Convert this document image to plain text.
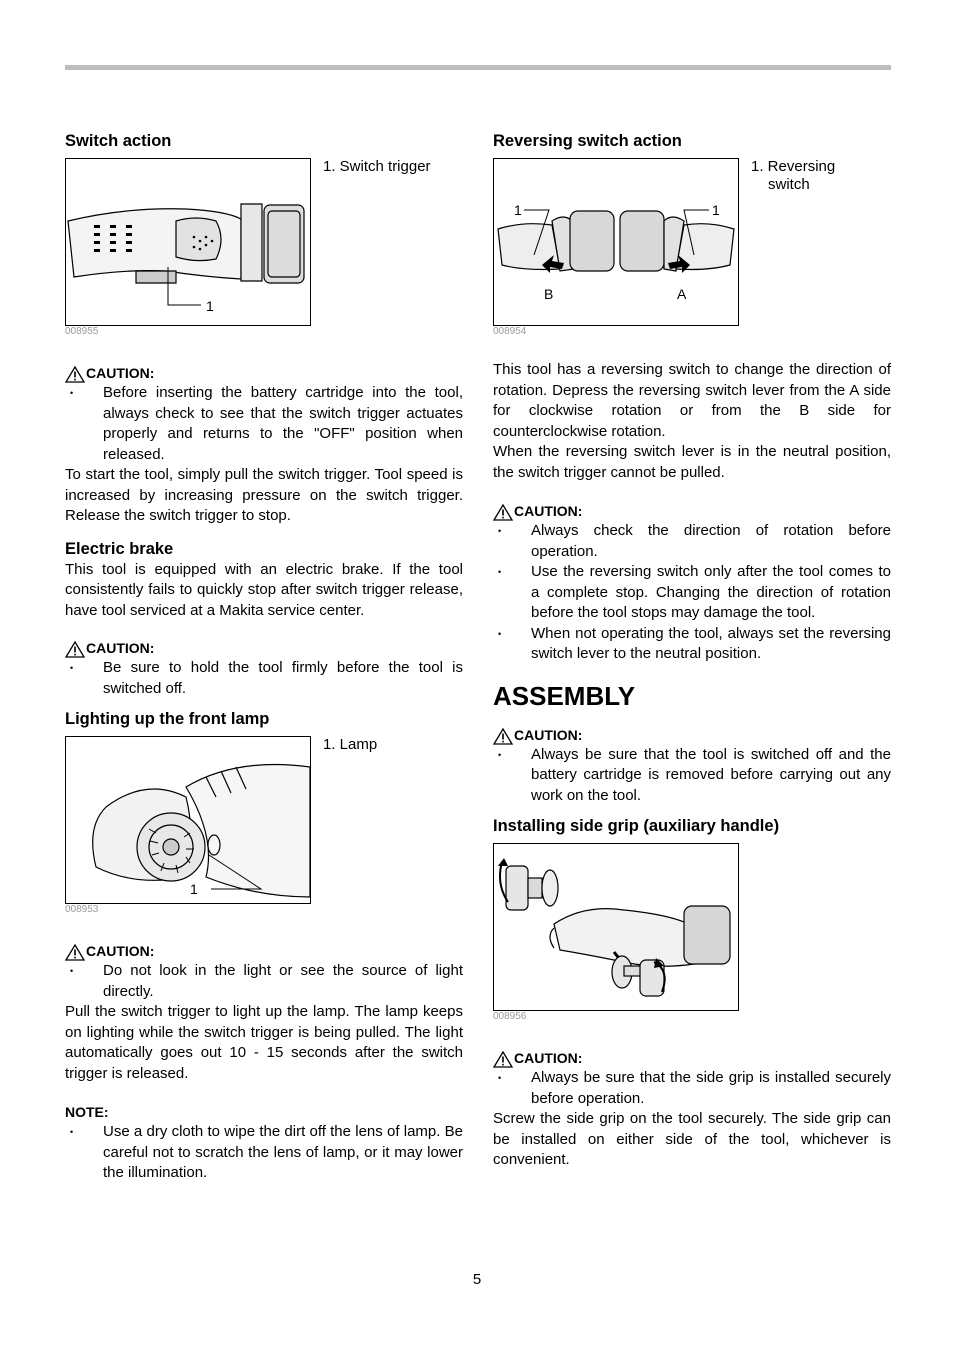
Switch action
1
1. Switch trigger
008955
CAUTION:
• Before inserting the battery cartridge into the tool, always check to see that the switch trigger actuates properly and returns to the "OFF" position when released.

To start the tool, simply pull the switch trigger. Tool speed is increased by increasing pressure on the switch trigger. Release the switch trigger to stop.

Electric brake

This tool is equipped with an electric brake. If the tool consistently fails to quickly stop after switch trigger release, have tool serviced at a Makita service center.

CAUTION:
• Be sure to hold the tool firmly before the tool is switched off.
Lighting up the front lamp
1
1. Lamp
008953
CAUTION:
• Do not look in the light or see the source of light directly.

Pull the switch trigger to light up the lamp. The lamp keeps on lighting while the switch trigger is being pulled. The light automatically goes out 10 - 15 seconds after the switch trigger is released.

NOTE:
• Use a dry cloth to wipe the dirt off the lens of lamp. Be careful not to scratch the lens of lamp, or it may lower the illumination.
Reversing switch action
1	1
B	A
1. Reversing
switch
008954

This tool has a reversing switch to change the direction of rotation. Depress the reversing switch lever from the A side for clockwise rotation or from the B side for counterclockwise rotation.

When the reversing switch lever is in the neutral position, the switch trigger cannot be pulled.

CAUTION:
• Always check the direction of rotation before operation.
• Use the reversing switch only after the tool comes to a complete stop. Changing the direction of rotation before the tool stops may damage the tool.
• When not operating the tool, always set the reversing switch lever to the neutral position.
ASSEMBLY
CAUTION:
• Always be sure that the tool is switched off and the battery cartridge is removed before carrying out any work on the tool.
Installing side grip (auxiliary handle)
008956
CAUTION:
• Always be sure that the side grip is installed securely before operation.

Screw the side grip on the tool securely. The side grip can be installed on either side of the tool, whichever is convenient.

5
